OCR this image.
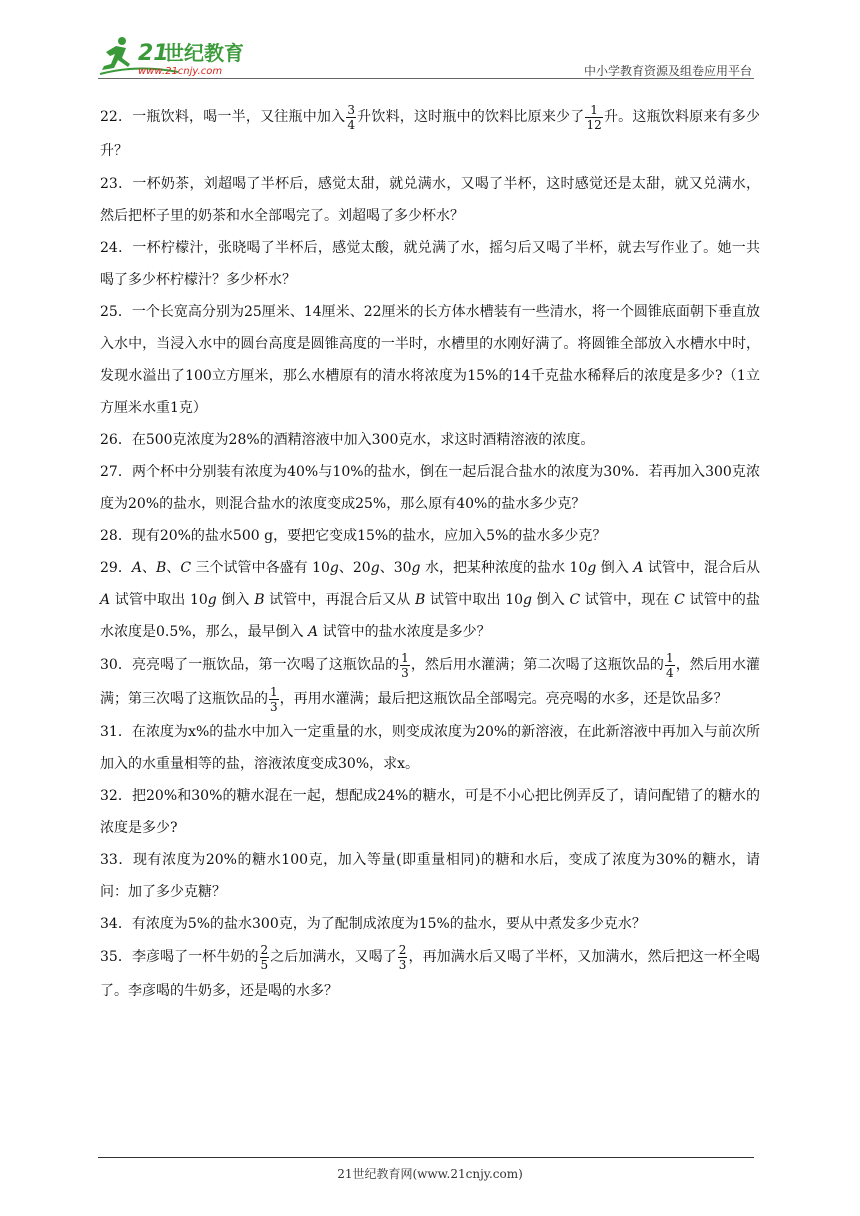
21
世纪教育
www.21cnjy.com	中小学教育资源及组卷应用平台

22．一瓶饮料，喝一半，又往瓶中加入 $\frac{3}{4}$ 升饮料，这时瓶中的饮料比原来少了 $\frac{1}{12}$ 升。这瓶饮料原来有多少升？

23．一杯奶茶，刘超喝了半杯后，感觉太甜，就兑满水，又喝了半杯，这时感觉还是太甜，就又兑满水，然后把杯子里的奶茶和水全部喝完了。刘超喝了多少杯水？

24．一杯柠檬汁，张晓喝了半杯后，感觉太酸，就兑满了水，摇匀后又喝了半杯，就去写作业了。她一共喝了多少杯柠檬汁？多少杯水？

25．一个长宽高分别为25厘米、14厘米、22厘米的长方体水槽装有一些清水，将一个圆锥底面朝下垂直放入水中，当浸入水中的圆台高度是圆锥高度的一半时，水槽里的水刚好满了。将圆锥全部放入水槽水中时，发现水溢出了100立方厘米，那么水槽原有的清水将浓度为15%的14千克盐水稀释后的浓度是多少?（1立方厘米水重1克）

26．在500克浓度为28%的酒精溶液中加入300克水，求这时酒精溶液的浓度。

27．两个杯中分别装有浓度为40%与10%的盐水，倒在一起后混合盐水的浓度为30%．若再加入300克浓度为20%的盐水，则混合盐水的浓度变成25%，那么原有40%的盐水多少克？

28．现有20%的盐水500 g，要把它变成15%的盐水，应加入5%的盐水多少克？

29．A、B、C 三个试管中各盛有 10g、20g、30g 水，把某种浓度的盐水 10g 倒入 A 试管中，混合后从 A 试管中取出 10g 倒入 B 试管中，再混合后又从 B 试管中取出 10g 倒入 C 试管中，现在 C 试管中的盐水浓度是0.5%，那么，最早倒入 A 试管中的盐水浓度是多少？

30．亮亮喝了一瓶饮品，第一次喝了这瓶饮品的 $\frac{1}{3}$ ，然后用水灌满；第二次喝了这瓶饮品的 $\frac{1}{4}$ ，然后用水灌满；第三次喝了这瓶饮品的 $\frac{1}{3}$ ，再用水灌满；最后把这瓶饮品全部喝完。亮亮喝的水多，还是饮品多？

31．在浓度为x%的盐水中加入一定重量的水，则变成浓度为20%的新溶液，在此新溶液中再加入与前次所加入的水重量相等的盐，溶液浓度变成30%，求x。

32．把20%和30%的糖水混在一起，想配成24%的糖水，可是不小心把比例弄反了，请问配错了的糖水的浓度是多少?

33．现有浓度为20%的糖水100克，加入等量(即重量相同)的糖和水后，变成了浓度为30%的糖水，请问：加了多少克糖？

34．有浓度为5%的盐水300克，为了配制成浓度为15%的盐水，要从中煮发多少克水？

35．李彦喝了一杯牛奶的 $\frac{2}{5}$ 之后加满水，又喝了 $\frac{2}{3}$ ，再加满水后又喝了半杯，又加满水，然后把这一杯全喝了。李彦喝的牛奶多，还是喝的水多？

21世纪教育网(www.21cnjy.com)
